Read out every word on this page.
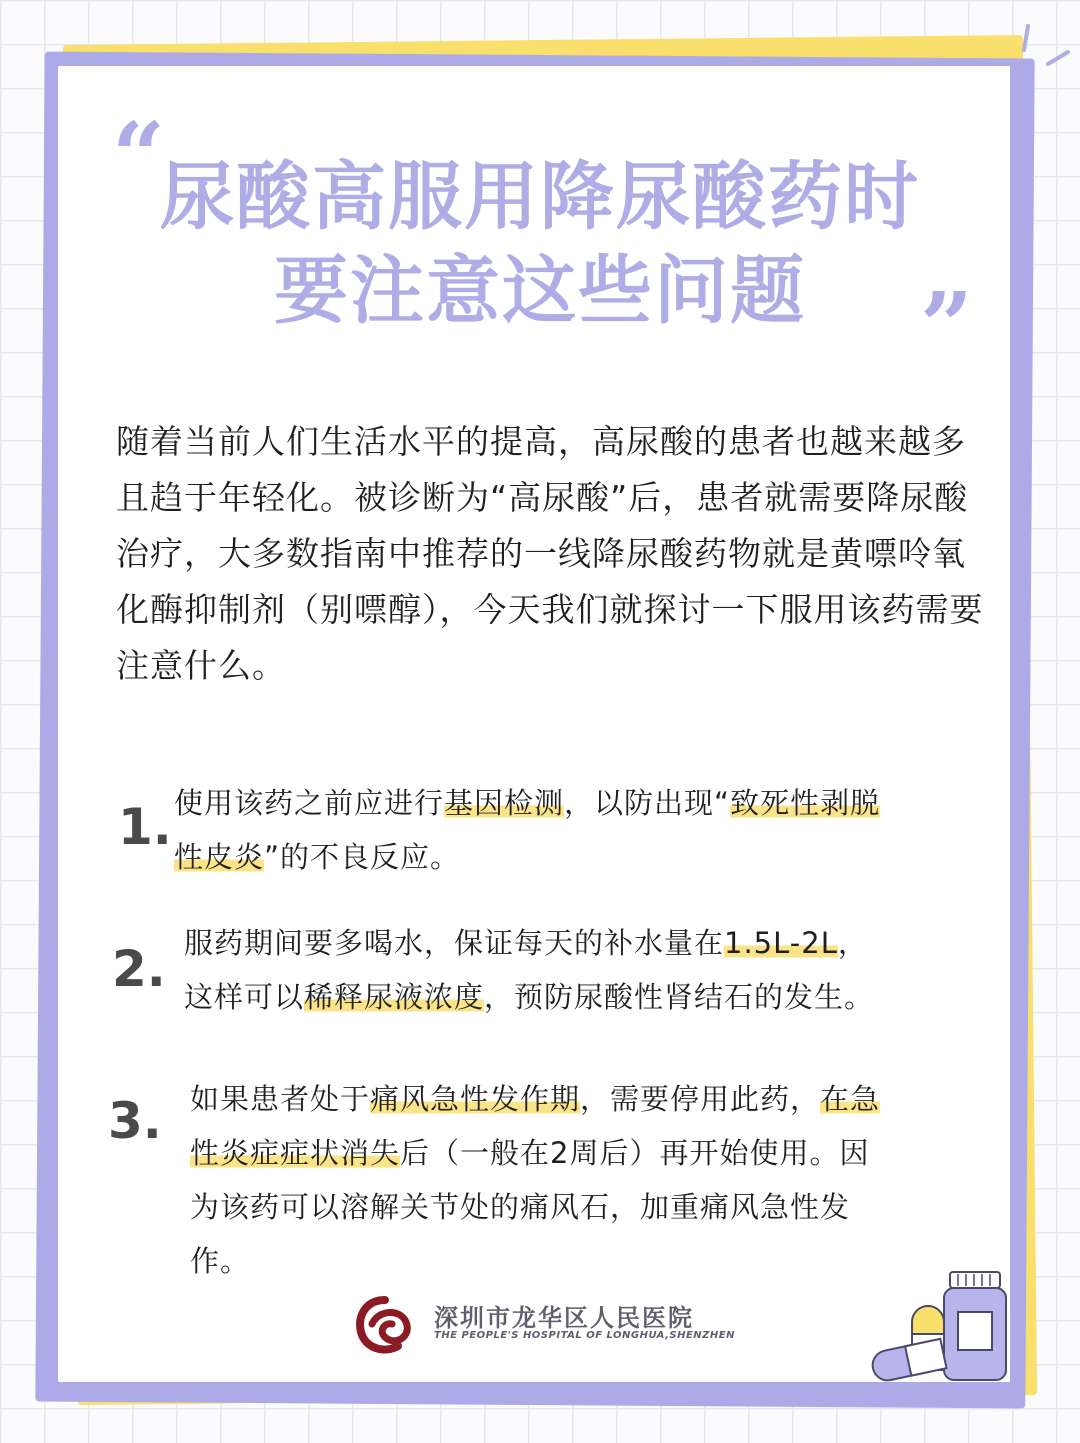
“
”
尿酸高服用降尿酸药时
要注意这些问题
随着当前人们生活水平的提高，高尿酸的患者也越来越多且趋于年轻化。被诊断为“高尿酸”后，患者就需要降尿酸治疗，大多数指南中推荐的一线降尿酸药物就是黄嘌呤氧化酶抑制剂（别嘌醇），今天我们就探讨一下服用该药需要注意什么。
1. 使用该药之前应进行基因检测，以防出现“致死性剥脱
性皮炎”的不良反应。
2. 服药期间要多喝水，保证每天的补水量在1.5L-2L，
这样可以稀释尿液浓度，预防尿酸性肾结石的发生。
3. 如果患者处于痛风急性发作期，需要停用此药，在急
性炎症症状消失后（一般在2周后）再开始使用。因
为该药可以溶解关节处的痛风石，加重痛风急性发
作。
深圳市龙华区人民医院
THE PEOPLE'S HOSPITAL OF LONGHUA,SHENZHEN
